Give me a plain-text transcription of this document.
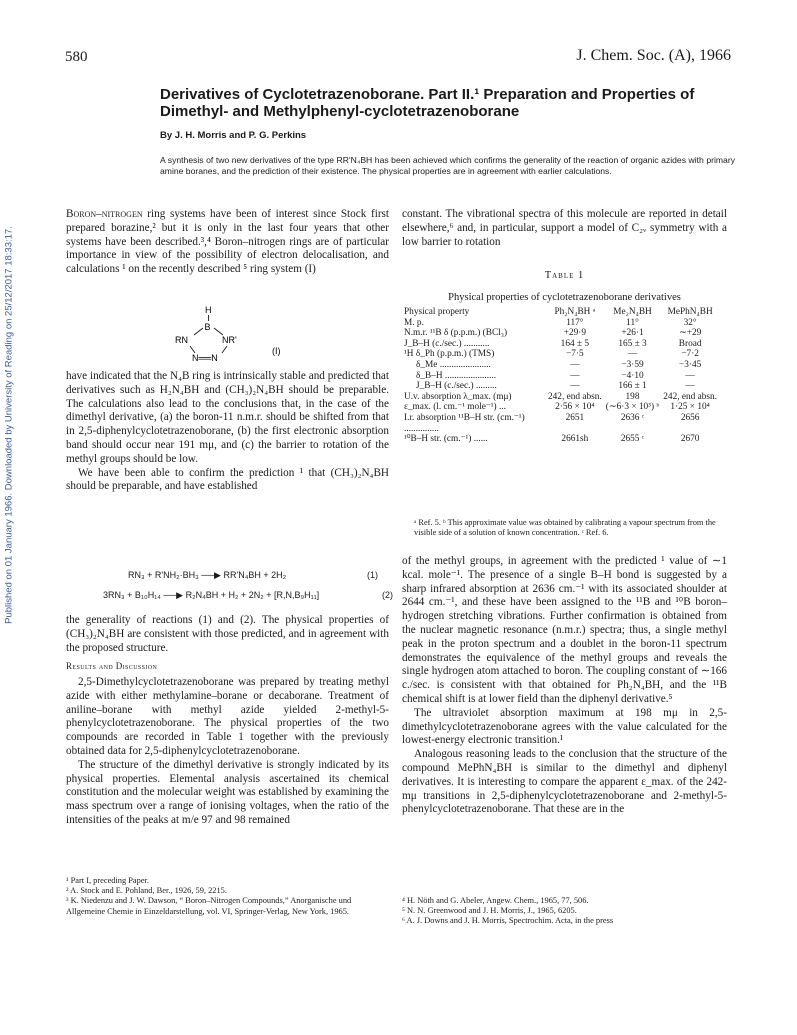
Published on 01 January 1966. Downloaded by University of Reading on 25/12/2017 18:33:17.
580	J. Chem. Soc. (A), 1966
Derivatives of Cyclotetrazenoborane. Part II.¹ Preparation and Properties of Dimethyl- and Methylphenyl-cyclotetrazenoborane
By J. H. Morris and P. G. Perkins
A synthesis of two new derivatives of the type RR'N₄BH has been achieved which confirms the generality of the reaction of organic azides with primary amine boranes, and the prediction of their existence. The physical properties are in agreement with earlier calculations.

Boron–nitrogen ring systems have been of interest since Stock first prepared borazine,² but it is only in the last four years that other systems have been described.³,⁴ Boron–nitrogen rings are of particular importance in view of the possibility of electron delocalisation, and calculations ¹ on the recently described ⁵ ring system (I)

H
B
RN	NR'
N══N
(I)

have indicated that the N₄B ring is intrinsically stable and predicted that derivatives such as H₂N₄BH and (CH₃)₂N₄BH should be preparable. The calculations also lead to the conclusions that, in the case of the dimethyl derivative, (a) the boron-11 n.m.r. should be shifted from that in 2,5-diphenylcyclotetrazenoborane, (b) the first electronic absorption band should occur near 191 mμ, and (c) the barrier to rotation of the methyl groups should be low.

We have been able to confirm the prediction ¹ that (CH₃)₂N₄BH should be preparable, and have established

RN₃ + R'NH₂·BH₃ ──▶ RR'N₄BH + 2H₂	(1)
3RN₃ + B₁₀H₁₄ ──▶ R₂N₄BH + H₂ + 2N₂ + [R,N,B₉H₁₁]	(2)

the generality of reactions (1) and (2). The physical properties of (CH₃)₂N₄BH are consistent with those predicted, and in agreement with the proposed structure.

Results and Discussion

2,5-Dimethylcyclotetrazenoborane was prepared by treating methyl azide with either methylamine–borane or decaborane. Treatment of aniline–borane with methyl azide yielded 2-methyl-5-phenylcyclotetrazenoborane. The physical properties of the two compounds are recorded in Table 1 together with the previously obtained data for 2,5-diphenylcyclotetrazenoborane.

The structure of the dimethyl derivative is strongly indicated by its physical properties. Elemental analysis ascertained its chemical constitution and the molecular weight was established by examining the mass spectrum over a range of ionising voltages, when the ratio of the intensities of the peaks at m/e 97 and 98 remained

¹ Part I, preceding Paper.

² A. Stock and E. Pohland, Ber., 1926, 59, 2215.

³ K. Niedenzu and J. W. Dawson, “ Boron–Nitrogen Compounds,” Anorganische und Allgemeine Chemie in Einzeldarstellung, vol. VI, Springer-Verlag, New York, 1965.

constant. The vibrational spectra of this molecule are reported in detail elsewhere,⁶ and, in particular, support a model of C₂ᵥ symmetry with a low barrier to rotation

Table 1
Physical properties of cyclotetrazenoborane derivatives
Physical property	Ph₂N₄BH ᵃ	Me₂N₄BH	MePhN₄BH
M. p.	117°	11°	32°
N.m.r. ¹¹B δ (p.p.m.) (BCl₃)	+29·9	+26·1	∼+29
J_B–H (c./sec.) ...........	164 ± 5	165 ± 3	Broad
¹H δ_Ph (p.p.m.) (TMS)	−7·5	—	−7·2
δ_Me ......................	—	−3·59	−3·45
δ_B–H ......................	—	−4·10	—
J_B–H (c./sec.) .........	—	166 ± 1	—
U.v. absorption λ_max. (mμ)	242, end absn.	198	242, end absn.
ε_max. (l. cm.⁻¹ mole⁻¹) ...	2·56 × 10⁴	(∼6·3 × 10³) ᵇ	1·25 × 10⁴
I.r. absorption ¹¹B–H str. (cm.⁻¹) ...............	2651	2636 ᶜ	2656
¹⁰B–H str. (cm.⁻¹) ......	2661sh	2655 ᶜ	2670
ᵃ Ref. 5. ᵇ This approximate value was obtained by calibrating a vapour spectrum from the visible side of a solution of known concentration. ᶜ Ref. 6.

of the methyl groups, in agreement with the predicted ¹ value of ∼1 kcal. mole⁻¹. The presence of a single B–H bond is suggested by a sharp infrared absorption at 2636 cm.⁻¹ with its associated shoulder at 2644 cm.⁻¹, and these have been assigned to the ¹¹B and ¹⁰B boron–hydrogen stretching vibrations. Further confirmation is obtained from the nuclear magnetic resonance (n.m.r.) spectra; thus, a single methyl peak in the proton spectrum and a doublet in the boron-11 spectrum demonstrates the equivalence of the methyl groups and reveals the single hydrogen atom attached to boron. The coupling constant of ∼166 c./sec. is consistent with that obtained for Ph₂N₄BH, and the ¹¹B chemical shift is at lower field than the diphenyl derivative.⁵

The ultraviolet absorption maximum at 198 mμ in 2,5-dimethylcyclotetrazenoborane agrees with the value calculated for the lowest-energy electronic transition.¹

Analogous reasoning leads to the conclusion that the structure of the compound MePhN₄BH is similar to the dimethyl and diphenyl derivatives. It is interesting to compare the apparent ε_max. of the 242-mμ transitions in 2,5-diphenylcyclotetrazenoborane and 2-methyl-5-phenylcyclotetrazenoborane. That these are in the

⁴ H. Nöth and G. Abeler, Angew. Chem., 1965, 77, 506.

⁵ N. N. Greenwood and J. H. Morris, J., 1965, 6205.

⁶ A. J. Downs and J. H. Morris, Spectrochim. Acta, in the press
